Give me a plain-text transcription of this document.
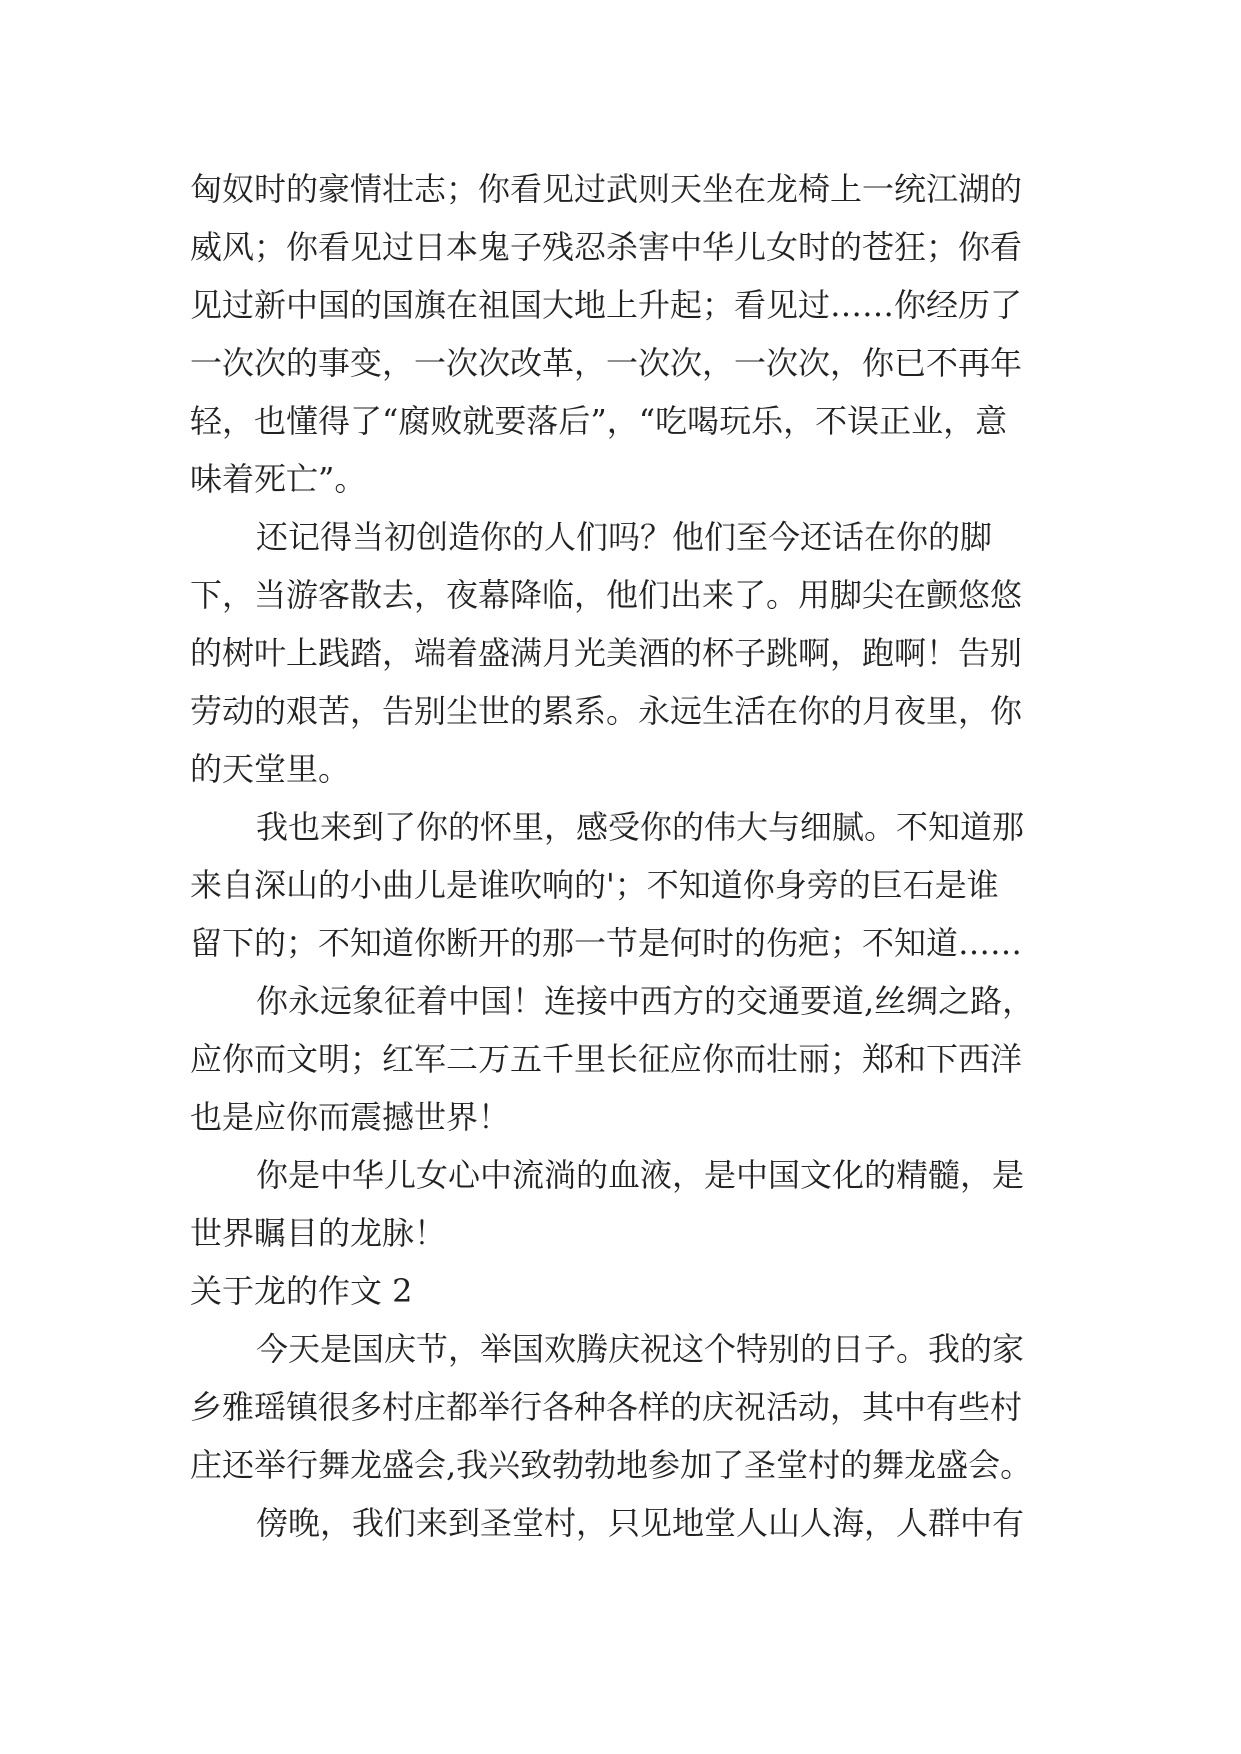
匈奴时的豪情壮志；你看见过武则天坐在龙椅上一统江湖的
威风；你看见过日本鬼子残忍杀害中华儿女时的苍狂；你看
见过新中国的国旗在祖国大地上升起；看见过……你经历了
一次次的事变，一次次改革，一次次，一次次，你已不再年
轻，也懂得了“腐败就要落后”，“吃喝玩乐，不误正业，意
味着死亡”。
还记得当初创造你的人们吗？他们至今还话在你的脚
下，当游客散去，夜幕降临，他们出来了。用脚尖在颤悠悠
的树叶上践踏，端着盛满月光美酒的杯子跳啊，跑啊！告别
劳动的艰苦，告别尘世的累系。永远生活在你的月夜里，你
的天堂里。
我也来到了你的怀里，感受你的伟大与细腻。不知道那
来自深山的小曲儿是谁吹响的'；不知道你身旁的巨石是谁
留下的；不知道你断开的那一节是何时的伤疤；不知道……
你永远象征着中国！连接中西方的交通要道,丝绸之路，
应你而文明；红军二万五千里长征应你而壮丽；郑和下西洋
也是应你而震撼世界！
你是中华儿女心中流淌的血液，是中国文化的精髓，是
世界瞩目的龙脉！
关于龙的作文 2
今天是国庆节，举国欢腾庆祝这个特别的日子。我的家
乡雅瑶镇很多村庄都举行各种各样的庆祝活动，其中有些村
庄还举行舞龙盛会,我兴致勃勃地参加了圣堂村的舞龙盛会。
傍晚，我们来到圣堂村，只见地堂人山人海，人群中有
